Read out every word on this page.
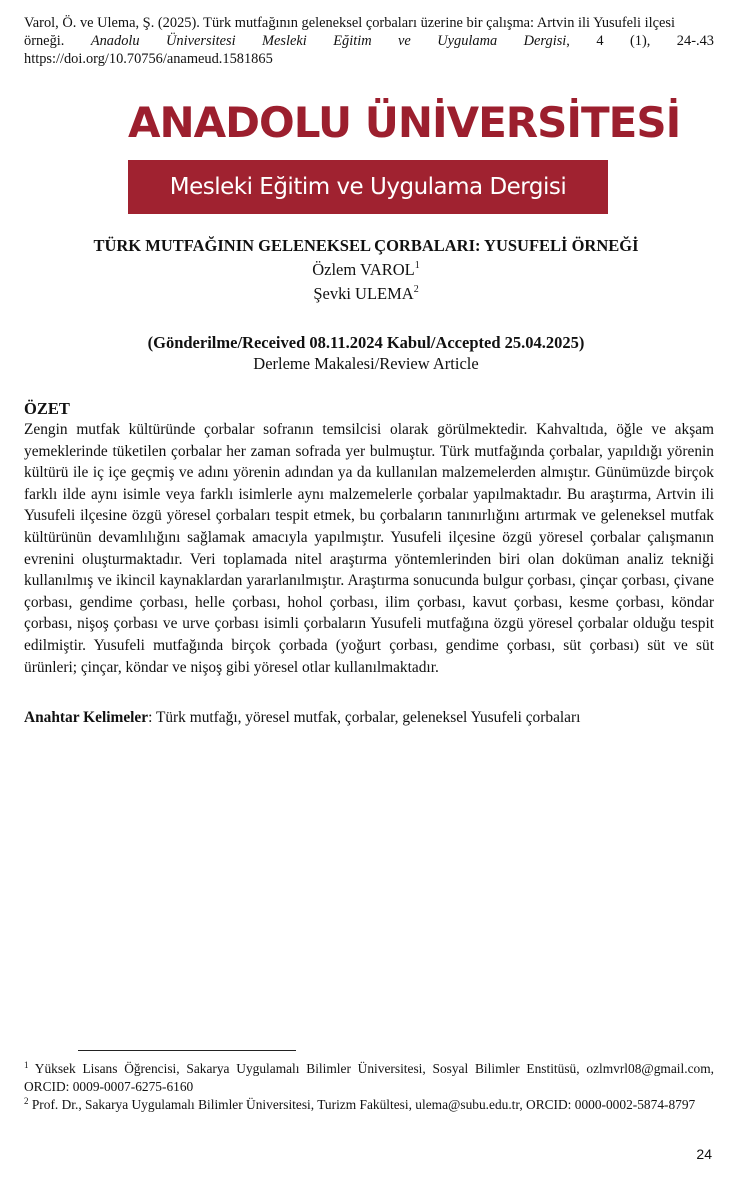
Varol, Ö. ve Ulema, Ş. (2025). Türk mutfağının geleneksel çorbaları üzerine bir çalışma: Artvin ili Yusufeli ilçesi

örneği. Anadolu Üniversitesi Mesleki Eğitim ve Uygulama Dergisi, 4 (1), 24-.43

https://doi.org/10.70756/anameud.1581865

ANADOLU ÜNİVERSİTESİ
Mesleki Eğitim ve Uygulama Dergisi
TÜRK MUTFAĞININ GELENEKSEL ÇORBALARI: YUSUFELİ ÖRNEĞİ
Özlem VAROL$^1$
Şevki ULEMA$^2$
(Gönderilme/Received 08.11.2024 Kabul/Accepted 25.04.2025)
Derleme Makalesi/Review Article
ÖZET

Zengin mutfak kültüründe çorbalar sofranın temsilcisi olarak görülmektedir. Kahvaltıda, öğle ve akşam yemeklerinde tüketilen çorbalar her zaman sofrada yer bulmuştur. Türk mutfağında çorbalar, yapıldığı yörenin kültürü ile iç içe geçmiş ve adını yörenin adından ya da kullanılan malzemelerden almıştır. Günümüzde birçok farklı ilde aynı isimle veya farklı isimlerle aynı malzemelerle çorbalar yapılmaktadır. Bu araştırma, Artvin ili Yusufeli ilçesine özgü yöresel çorbaları tespit etmek, bu çorbaların tanınırlığını artırmak ve geleneksel mutfak kültürünün devamlılığını sağlamak amacıyla yapılmıştır. Yusufeli ilçesine özgü yöresel çorbalar çalışmanın evrenini oluşturmaktadır. Veri toplamada nitel araştırma yöntemlerinden biri olan doküman analiz tekniği kullanılmış ve ikincil kaynaklardan yararlanılmıştır. Araştırma sonucunda bulgur çorbası, çinçar çorbası, çivane çorbası, gendime çorbası, helle çorbası, hohol çorbası, ilim çorbası, kavut çorbası, kesme çorbası, köndar çorbası, nişoş çorbası ve urve çorbası isimli çorbaların Yusufeli mutfağına özgü yöresel çorbalar olduğu tespit edilmiştir. Yusufeli mutfağında birçok çorbada (yoğurt çorbası, gendime çorbası, süt çorbası) süt ve süt ürünleri; çinçar, köndar ve nişoş gibi yöresel otlar kullanılmaktadır.

Anahtar Kelimeler: Türk mutfağı, yöresel mutfak, çorbalar, geleneksel Yusufeli çorbaları

$^1$ Yüksek Lisans Öğrencisi, Sakarya Uygulamalı Bilimler Üniversitesi, Sosyal Bilimler Enstitüsü, ozlmvrl08@gmail.com, ORCID: 0009-0007-6275-6160

$^2$ Prof. Dr., Sakarya Uygulamalı Bilimler Üniversitesi, Turizm Fakültesi, ulema@subu.edu.tr, ORCID: 0000-0002-5874-8797

24
